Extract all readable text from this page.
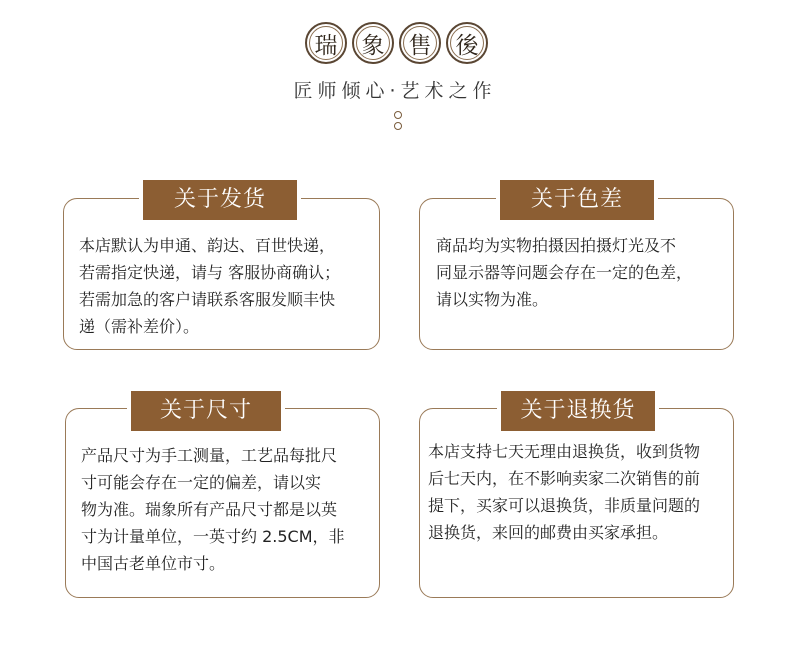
瑞	象	售	後
匠师倾心·艺术之作
关于发货
本店默认为申通、韵达、百世快递，
若需指定快递，请与 客服协商确认；
若需加急的客户请联系客服发顺丰快
递（需补差价）。
关于色差
商品均为实物拍摄因拍摄灯光及不
同显示器等问题会存在一定的色差，
请以实物为准。
关于尺寸
产品尺寸为手工测量，工艺品每批尺
寸可能会存在一定的偏差，请以实
物为准。瑞象所有产品尺寸都是以英
寸为计量单位，一英寸约 2.5CM，非
中国古老单位市寸。
关于退换货
本店支持七天无理由退换货，收到货物
后七天内，在不影响卖家二次销售的前
提下，买家可以退换货，非质量问题的
退换货，来回的邮费由买家承担。
